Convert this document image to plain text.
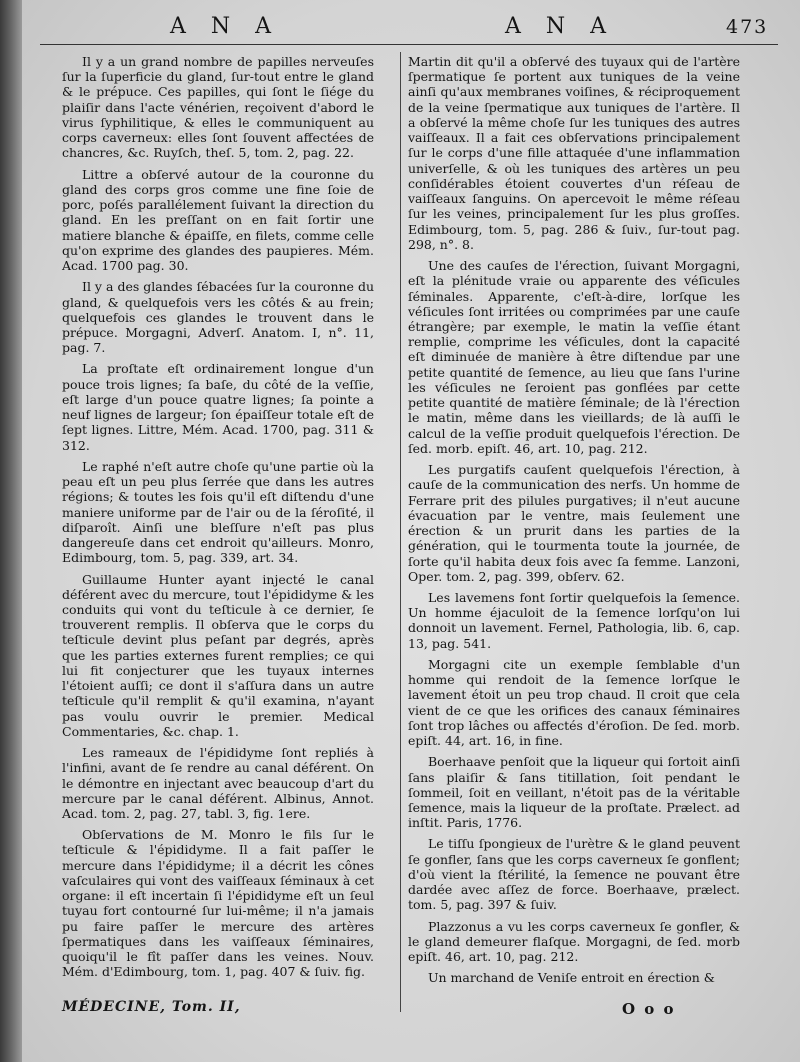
A N A	A N A	473

Il y a un grand nombre de papilles nerveuſes ſur la ſuperficie du gland, ſur-tout entre le gland & le prépuce. Ces papilles, qui ſont le ſiége du plaiſir dans l'acte vénérien, reçoivent d'abord le virus ſyphilitique, & elles le communiquent au corps caverneux: elles ſont ſouvent affectées de chancres, &c. Ruyſch, theſ. 5, tom. 2, pag. 22.

Littre a obſervé autour de la couronne du gland des corps gros comme une fine ſoie de porc, poſés parallélement ſuivant la direction du gland. En les preſſant on en fait ſortir une matiere blanche & épaiſſe, en filets, comme celle qu'on exprime des glandes des paupieres. Mém. Acad. 1700 pag. 30.

Il y a des glandes ſébacées ſur la couronne du gland, & quelquefois vers les côtés & au frein; quelquefois ces glandes le trouvent dans le prépuce. Morgagni, Adverſ. Anatom. I, n°. 11, pag. 7.

La proſtate eſt ordinairement longue d'un pouce trois lignes; ſa baſe, du côté de la veſſie, eſt large d'un pouce quatre lignes; ſa pointe a neuf lignes de largeur; ſon épaiſſeur totale eſt de ſept lignes. Littre, Mém. Acad. 1700, pag. 311 & 312.

Le raphé n'eſt autre choſe qu'une partie où la peau eſt un peu plus ſerrée que dans les autres régions; & toutes les fois qu'il eſt diſtendu d'une maniere uniforme par de l'air ou de la ſéroſité, il diſparoît. Ainſi une bleſſure n'eſt pas plus dangereuſe dans cet endroit qu'ailleurs. Monro, Edimbourg, tom. 5, pag. 339, art. 34.

Guillaume Hunter ayant injecté le canal déférent avec du mercure, tout l'épididyme & les conduits qui vont du teſticule à ce dernier, ſe trouverent remplis. Il obſerva que le corps du teſticule devint plus peſant par degrés, après que les parties externes furent remplies; ce qui lui fit conjecturer que les tuyaux internes l'étoient auſſi; ce dont il s'aſſura dans un autre teſticule qu'il remplit & qu'il examina, n'ayant pas voulu ouvrir le premier. Medical Commentaries, &c. chap. 1.

Les rameaux de l'épididyme ſont repliés à l'infini, avant de ſe rendre au canal déférent. On le démontre en injectant avec beaucoup d'art du mercure par le canal déférent. Albinus, Annot. Acad. tom. 2, pag. 27, tabl. 3, fig. 1ere.

Obſervations de M. Monro le fils ſur le teſticule & l'épididyme. Il a fait paſſer le mercure dans l'épididyme; il a décrit les cônes vaſculaires qui vont des vaiſſeaux ſéminaux à cet organe: il eſt incertain ſi l'épididyme eſt un ſeul tuyau fort contourné ſur lui-même; il n'a jamais pu faire paſſer le mercure des artères ſpermatiques dans les vaiſſeaux ſéminaires, quoiqu'il le fît paſſer dans les veines. Nouv. Mém. d'Edimbourg, tom. 1, pag. 407 & ſuiv. fig.

Martin dit qu'il a obſervé des tuyaux qui de l'artère ſpermatique ſe portent aux tuniques de la veine ainſi qu'aux membranes voiſines, & réciproquement de la veine ſpermatique aux tuniques de l'artère. Il a obſervé la même choſe ſur les tuniques des autres vaiſſeaux. Il a fait ces obſervations principalement ſur le corps d'une fille attaquée d'une inflammation univerſelle, & où les tuniques des artères un peu conſidérables étoient couvertes d'un réſeau de vaiſſeaux ſanguins. On apercevoit le même réſeau ſur les veines, principalement ſur les plus groſſes. Edimbourg, tom. 5, pag. 286 & ſuiv., ſur-tout pag. 298, n°. 8.

Une des cauſes de l'érection, ſuivant Morgagni, eſt la plénitude vraie ou apparente des véſicules ſéminales. Apparente, c'eſt-à-dire, lorſque les véſicules ſont irritées ou comprimées par une cauſe étrangère; par exemple, le matin la veſſie étant remplie, comprime les véſicules, dont la capacité eſt diminuée de manière à être diſtendue par une petite quantité de ſemence, au lieu que ſans l'urine les véſicules ne ſeroient pas gonflées par cette petite quantité de matière ſéminale; de là l'érection le matin, même dans les vieillards; de là auſſi le calcul de la veſſie produit quelquefois l'érection. De ſed. morb. epiſt. 46, art. 10, pag. 212.

Les purgatifs cauſent quelquefois l'érection, à cauſe de la communication des nerfs. Un homme de Ferrare prit des pilules purgatives; il n'eut aucune évacuation par le ventre, mais ſeulement une érection & un prurit dans les parties de la génération, qui le tourmenta toute la journée, de ſorte qu'il habita deux fois avec ſa femme. Lanzoni, Oper. tom. 2, pag. 399, obſerv. 62.

Les lavemens font ſortir quelquefois la ſemence. Un homme éjaculoit de la ſemence lorſqu'on lui donnoit un lavement. Fernel, Pathologia, lib. 6, cap. 13, pag. 541.

Morgagni cite un exemple ſemblable d'un homme qui rendoit de la ſemence lorſque le lavement étoit un peu trop chaud. Il croit que cela vient de ce que les orifices des canaux ſéminaires ſont trop lâches ou affectés d'éroſion. De ſed. morb. epiſt. 44, art. 16, in fine.

Boerhaave penſoit que la liqueur qui ſortoit ainſi ſans plaiſir & ſans titillation, ſoit pendant le ſommeil, ſoit en veillant, n'étoit pas de la véritable ſemence, mais la liqueur de la proſtate. Prælect. ad inſtit. Paris, 1776.

Le tiſſu ſpongieux de l'urètre & le gland peuvent ſe gonfler, ſans que les corps caverneux ſe gonflent; d'où vient la ſtérilité, la ſemence ne pouvant être dardée avec aſſez de force. Boerhaave, prælect. tom. 5, pag. 397 & ſuiv.

Plazzonus a vu les corps caverneux ſe gonfler, & le gland demeurer flaſque. Morgagni, de ſed. morb epiſt. 46, art. 10, pag. 212.

Un marchand de Veniſe entroit en érection &

MÉDECINE, Tom. II,	O o o
